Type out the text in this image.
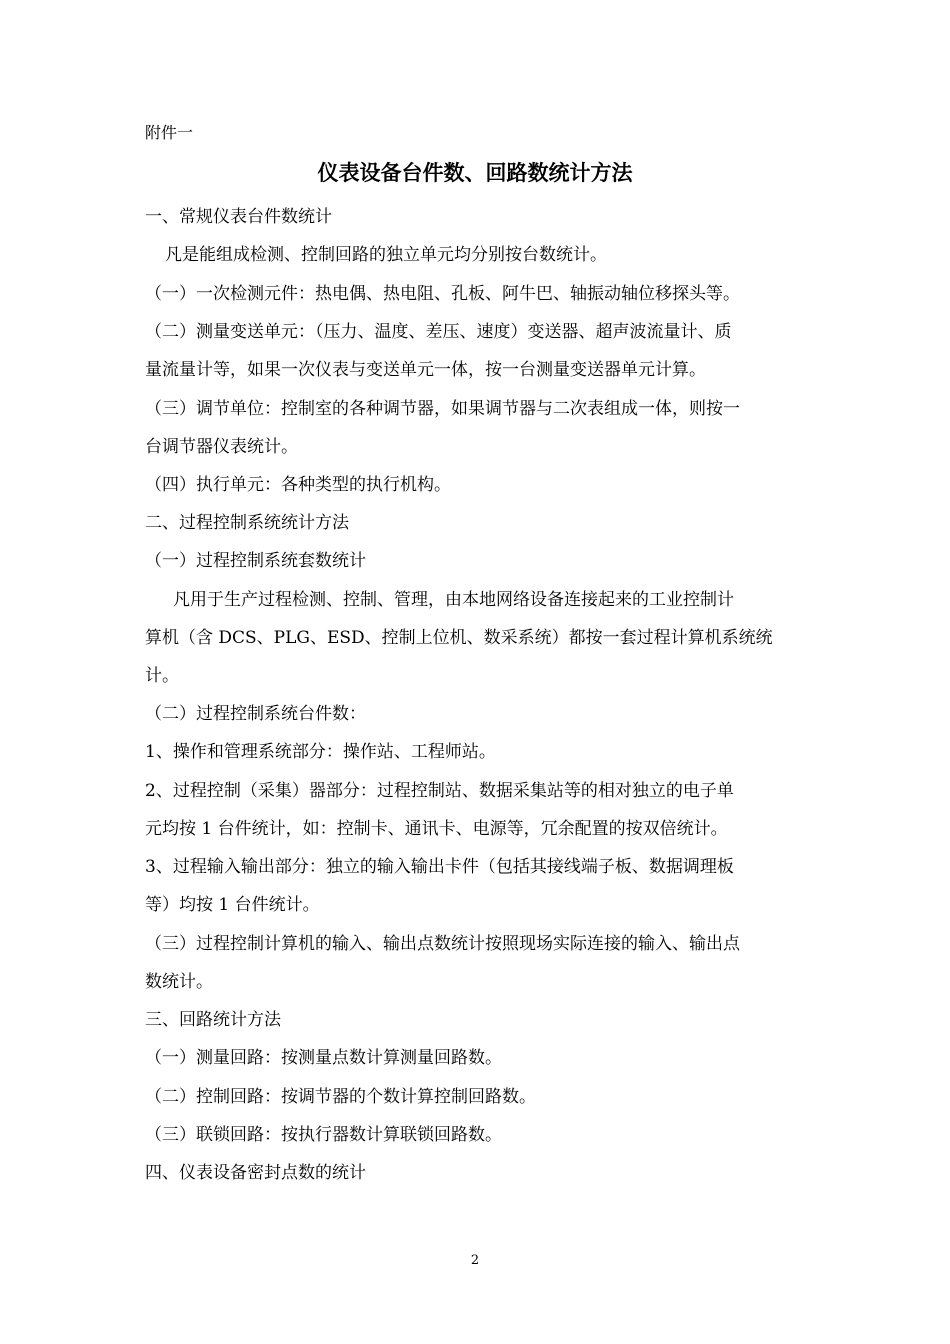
附件一
仪表设备台件数、回路数统计方法
一、常规仪表台件数统计
凡是能组成检测、控制回路的独立单元均分别按台数统计。
（一）一次检测元件：热电偶、热电阻、孔板、阿牛巴、轴振动轴位移探头等。
（二）测量变送单元：（压力、温度、差压、速度）变送器、超声波流量计、质
量流量计等，如果一次仪表与变送单元一体，按一台测量变送器单元计算。
（三）调节单位：控制室的各种调节器，如果调节器与二次表组成一体，则按一
台调节器仪表统计。
（四）执行单元：各种类型的执行机构。
二、过程控制系统统计方法
（一）过程控制系统套数统计
凡用于生产过程检测、控制、管理，由本地网络设备连接起来的工业控制计
算机（含 DCS、PLG、ESD、控制上位机、数采系统）都按一套过程计算机系统统
计。
（二）过程控制系统台件数：
1、操作和管理系统部分：操作站、工程师站。
2、过程控制（采集）器部分：过程控制站、数据采集站等的相对独立的电子单
元均按 1 台件统计，如：控制卡、通讯卡、电源等，冗余配置的按双倍统计。
3、过程输入输出部分：独立的输入输出卡件（包括其接线端子板、数据调理板
等）均按 1 台件统计。
（三）过程控制计算机的输入、输出点数统计按照现场实际连接的输入、输出点
数统计。
三、回路统计方法
（一）测量回路：按测量点数计算测量回路数。
（二）控制回路：按调节器的个数计算控制回路数。
（三）联锁回路：按执行器数计算联锁回路数。
四、仪表设备密封点数的统计
2
